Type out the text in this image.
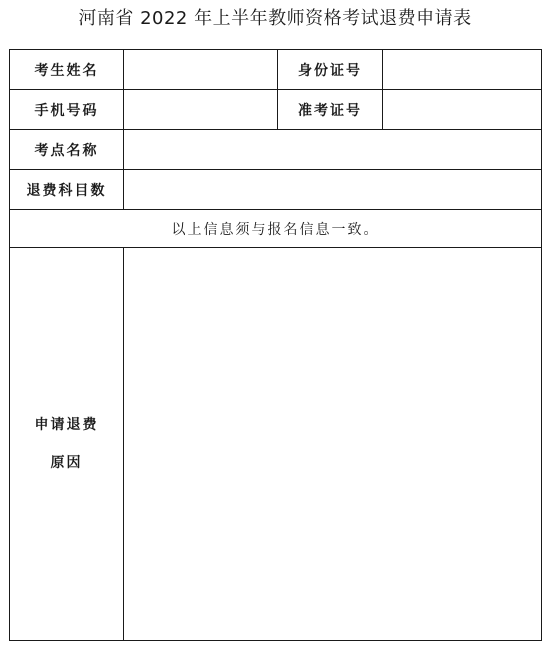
河南省 2022 年上半年教师资格考试退费申请表
考生姓名		身份证号	
手机号码		准考证号	
考点名称			
退费科目数			
以上信息须与报名信息一致。			

申请退费
原因			
